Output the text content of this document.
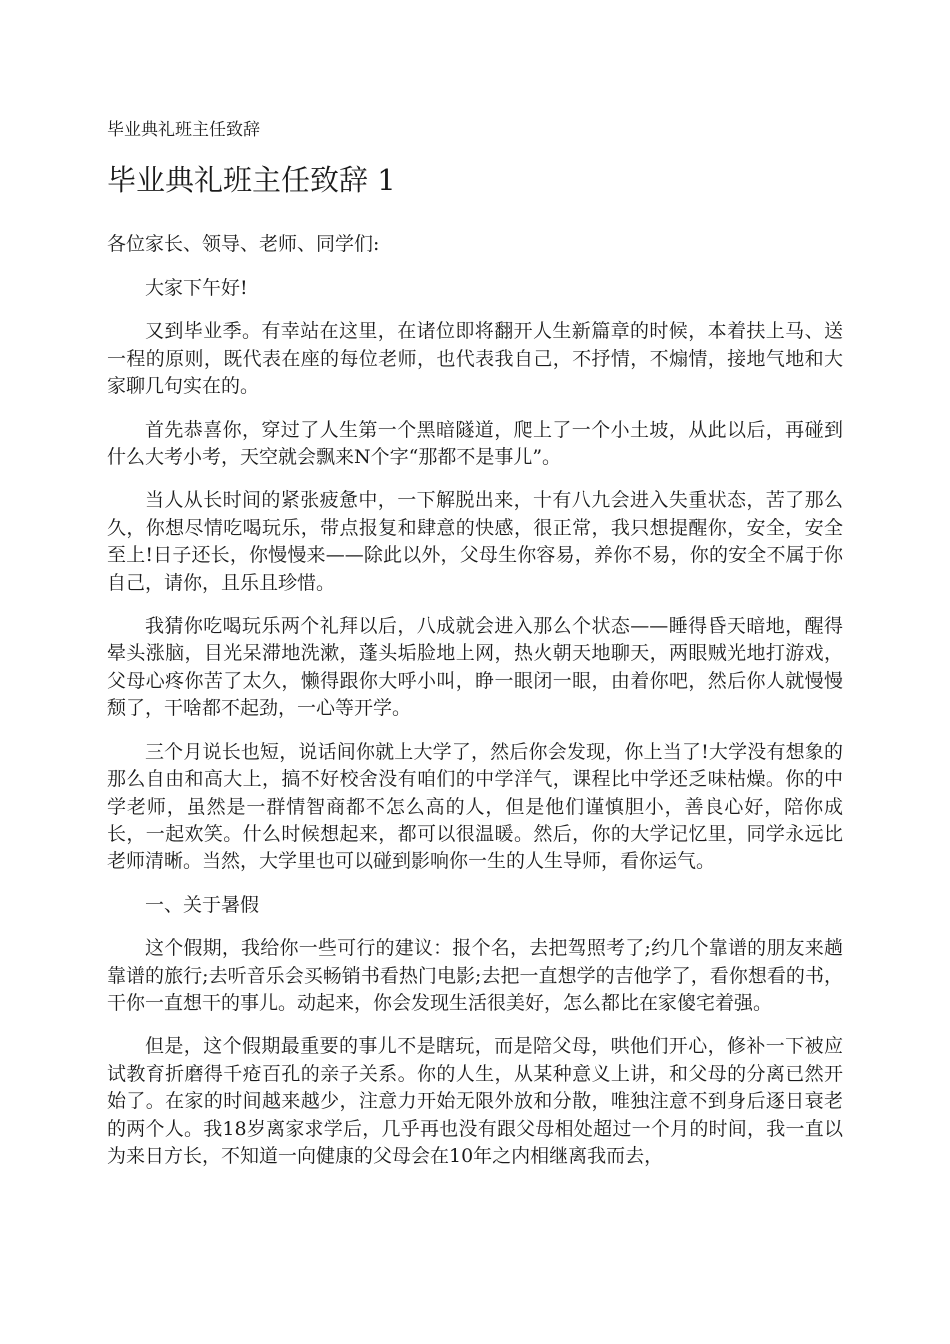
毕业典礼班主任致辞
毕业典礼班主任致辞 1
各位家长、领导、老师、同学们:

大家下午好!

又到毕业季。有幸站在这里，在诸位即将翻开人生新篇章的时候，本着扶上马、送一程的原则，既代表在座的每位老师，也代表我自己，不抒情，不煽情，接地气地和大家聊几句实在的。

首先恭喜你，穿过了人生第一个黑暗隧道，爬上了一个小土坡，从此以后，再碰到什么大考小考，天空就会飘来N个字“那都不是事儿”。

当人从长时间的紧张疲惫中，一下解脱出来，十有八九会进入失重状态，苦了那么久，你想尽情吃喝玩乐，带点报复和肆意的快感，很正常，我只想提醒你，安全，安全至上!日子还长，你慢慢来——除此以外，父母生你容易，养你不易，你的安全不属于你自己，请你，且乐且珍惜。

我猜你吃喝玩乐两个礼拜以后，八成就会进入那么个状态——睡得昏天暗地，醒得晕头涨脑，目光呆滞地洗漱，蓬头垢脸地上网，热火朝天地聊天，两眼贼光地打游戏，父母心疼你苦了太久，懒得跟你大呼小叫，睁一眼闭一眼，由着你吧，然后你人就慢慢颓了，干啥都不起劲，一心等开学。

三个月说长也短，说话间你就上大学了，然后你会发现，你上当了!大学没有想象的那么自由和高大上，搞不好校舍没有咱们的中学洋气，课程比中学还乏味枯燥。你的中学老师，虽然是一群情智商都不怎么高的人，但是他们谨慎胆小，善良心好，陪你成长，一起欢笑。什么时候想起来，都可以很温暖。然后，你的大学记忆里，同学永远比老师清晰。当然，大学里也可以碰到影响你一生的人生导师，看你运气。

一、关于暑假

这个假期，我给你一些可行的建议：报个名，去把驾照考了;约几个靠谱的朋友来趟靠谱的旅行;去听音乐会买畅销书看热门电影;去把一直想学的吉他学了，看你想看的书，干你一直想干的事儿。动起来，你会发现生活很美好，怎么都比在家傻宅着强。

但是，这个假期最重要的事儿不是瞎玩，而是陪父母，哄他们开心，修补一下被应试教育折磨得千疮百孔的亲子关系。你的人生，从某种意义上讲，和父母的分离已然开始了。在家的时间越来越少，注意力开始无限外放和分散，唯独注意不到身后逐日衰老的两个人。我18岁离家求学后，几乎再也没有跟父母相处超过一个月的时间，我一直以为来日方长，不知道一向健康的父母会在10年之内相继离我而去，
